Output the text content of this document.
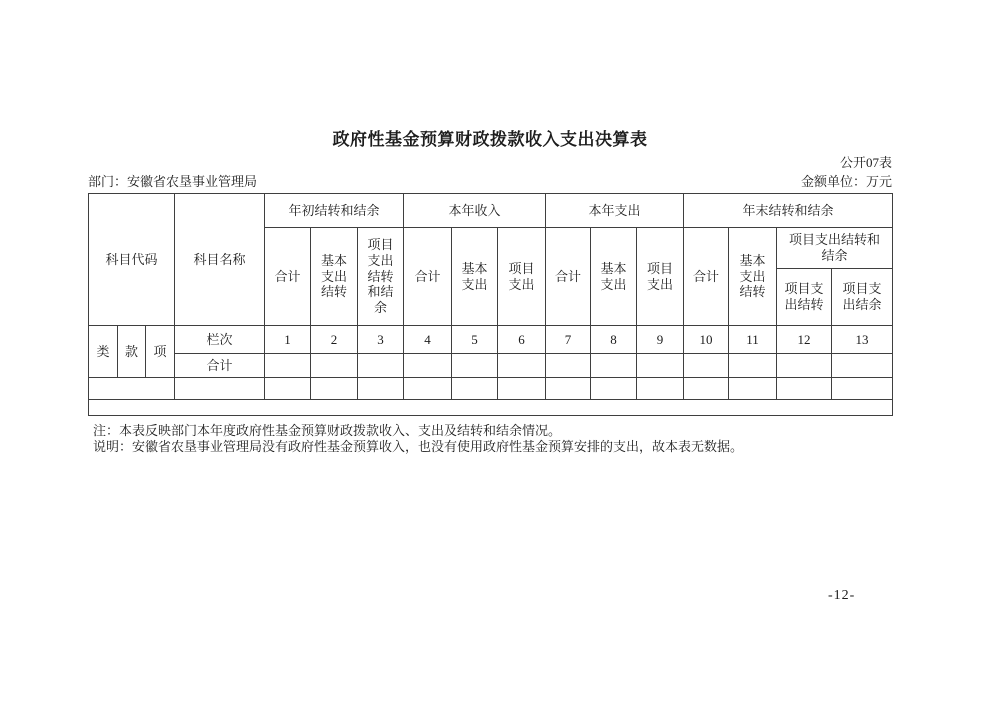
政府性基金预算财政拨款收入支出决算表
公开07表
部门：安徽省农垦事业管理局	金额单位：万元
科目代码			科目名称	年初结转和结余			本年收入			本年支出			年末结转和结余			
				合计	基本支出结转	项目支出结转和结余	合计	基本支出	项目支出	合计	基本支出	项目支出	合计	基本支出结转	项目支出结转和结余	
															项目支出结转	项目支出结余
类	款	项	栏次	1	2	3	4	5	6	7	8	9	10	11	12	13
			合计													

注：本表反映部门本年度政府性基金预算财政拨款收入、支出及结转和结余情况。
说明：安徽省农垦事业管理局没有政府性基金预算收入，也没有使用政府性基金预算安排的支出，故本表无数据。
-12-
